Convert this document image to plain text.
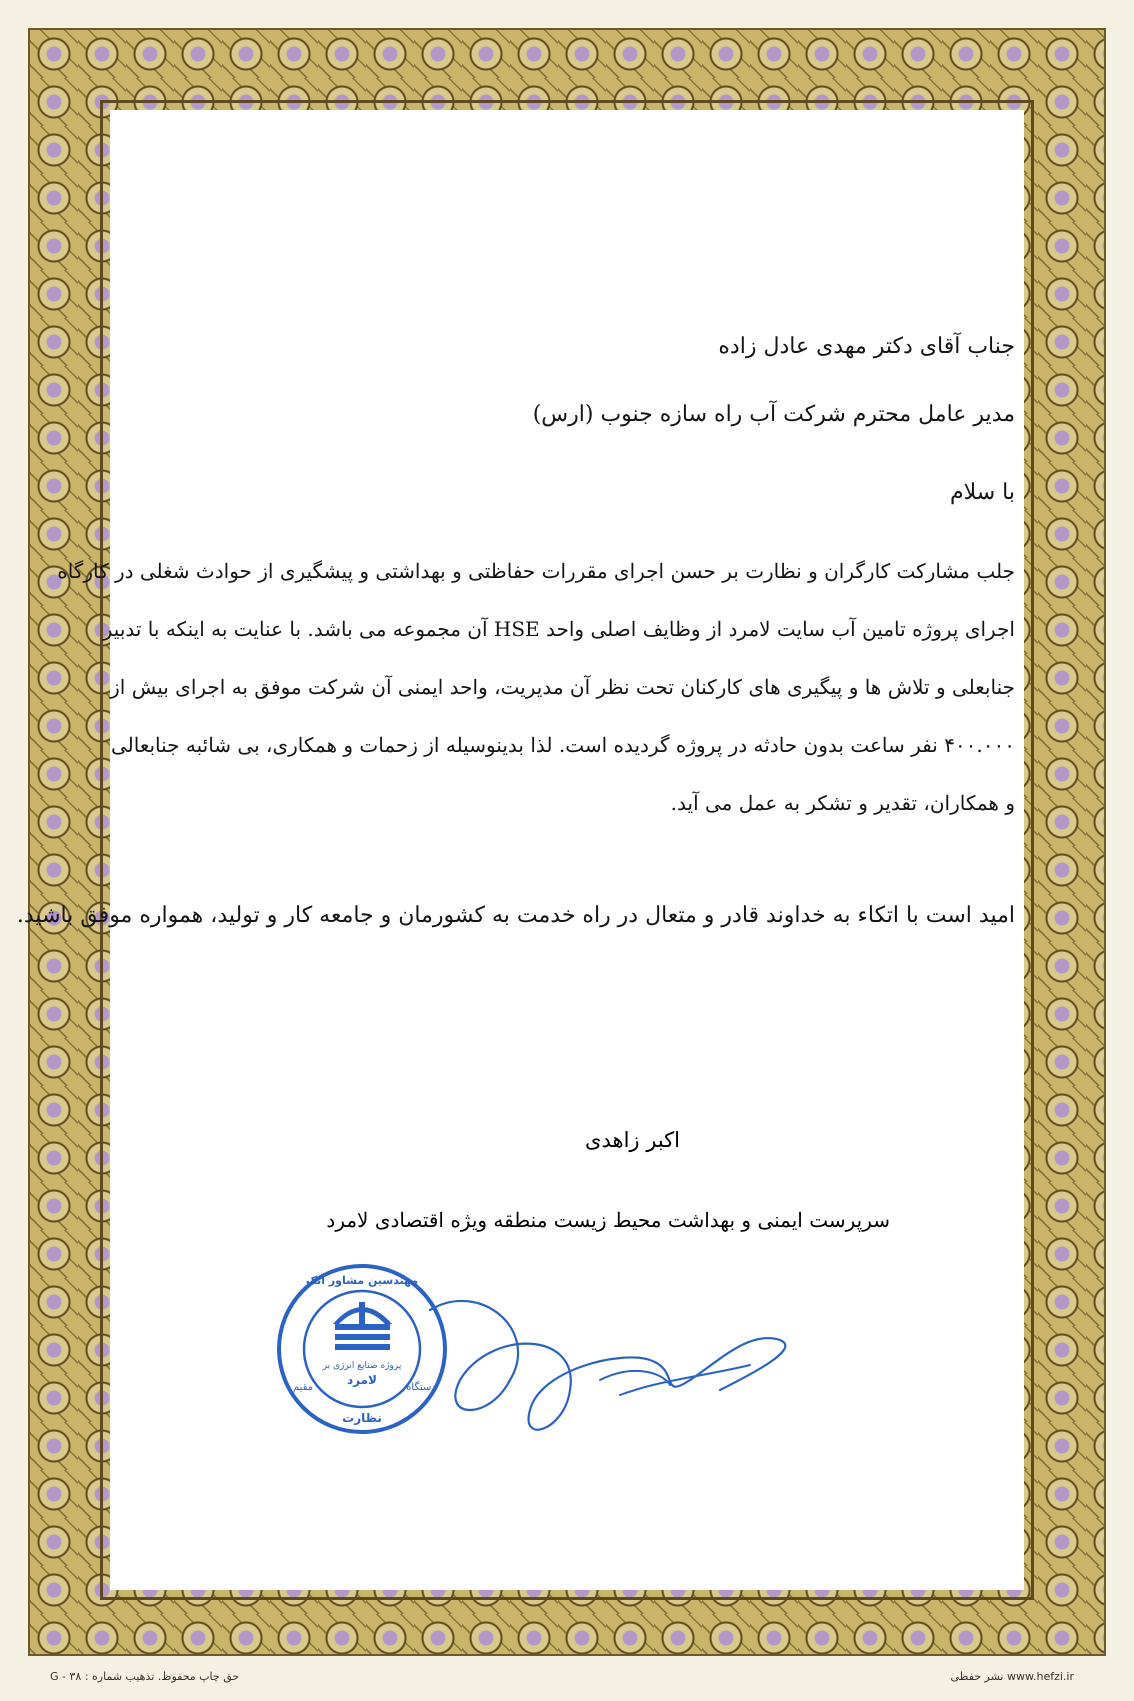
جناب آقای دکتر مهدی عادل زاده

مدیر عامل محترم شرکت آب راه سازه جنوب (ارس)

با سلام

جلب مشارکت کارگران و نظارت بر حسن اجرای مقررات حفاظتی و بهداشتی و پیشگیری از حوادث شغلی در کارگاه

اجرای پروژه تامین آب سایت لامرد از وظایف اصلی واحد HSE آن مجموعه می باشد. با عنایت به اینکه با تدبیر

جنابعلی و تلاش ها و پیگیری های کارکنان تحت نظر آن مدیریت، واحد ایمنی آن شرکت موفق به اجرای بیش از

۴۰۰.۰۰۰ نفر ساعت بدون حادثه در پروژه گردیده است. لذا بدینوسیله از زحمات و همکاری، بی شائبه جنابعالی

و همکاران، تقدیر و تشکر به عمل می آید.

امید است با اتکاء به خداوند قادر و متعال در راه خدمت به کشورمان و جامعه کار و تولید، همواره موفق باشید.

اکبر زاهدی
سرپرست ایمنی و بهداشت محیط زیست منطقه ویژه اقتصادی لامرد
مهندسین مشاور آتک
پروژه صنایع انرژی بر
لامرد
مقیم	دستگاه
نظارت
حق چاپ محفوظ. تذهیب شماره : ۳۸ - G	نشر حفظی www.hefzi.ir
